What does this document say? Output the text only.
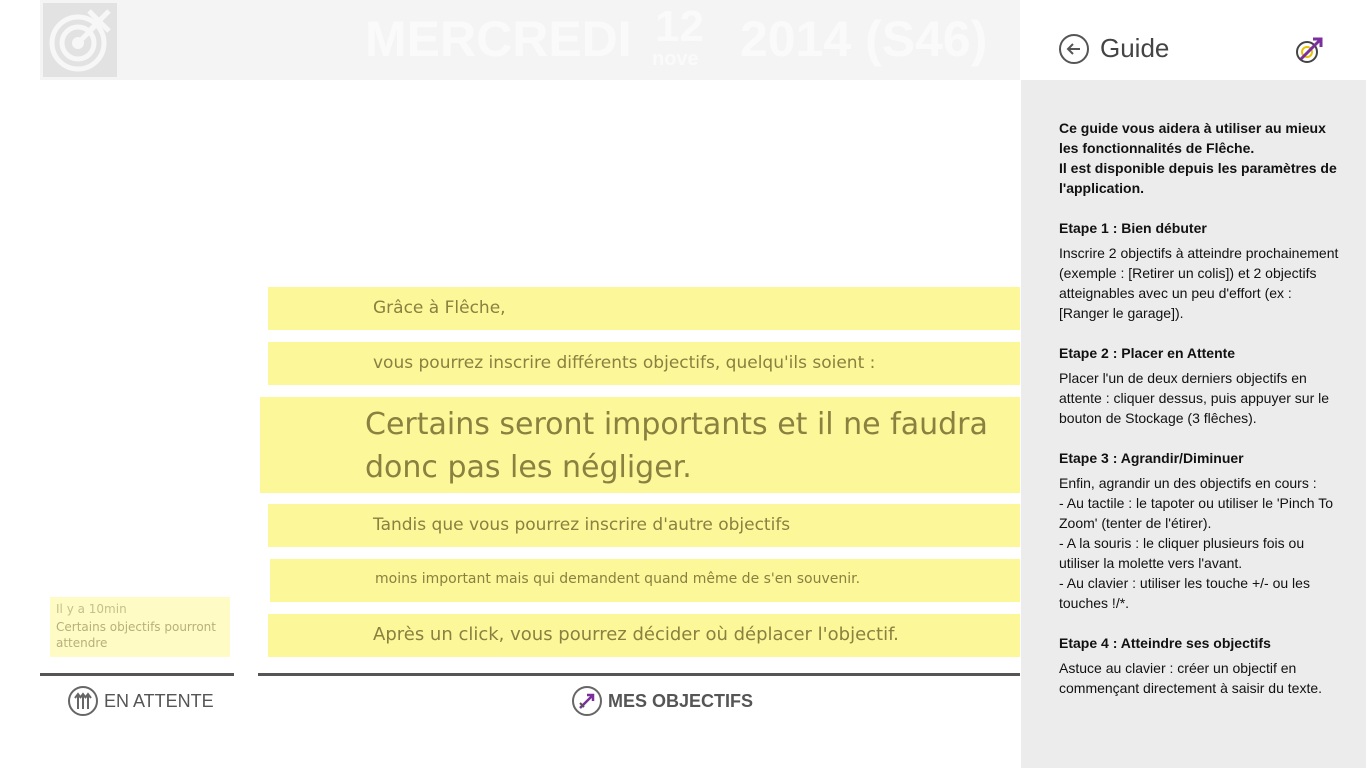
MERCREDI 12
nove 2014 (S46)
Grâce à Flêche,
vous pourrez inscrire différents objectifs, quelqu'ils soient :
Certains seront importants et il ne faudra donc pas les négliger.
Tandis que vous pourrez inscrire d'autre objectifs
moins important mais qui demandent quand même de s'en souvenir.
Après un click, vous pourrez décider où déplacer l'objectif.
Il y a 10min
Certains objectifs pourront attendre
EN ATTENTE	MES OBJECTIFS
Guide

Ce guide vous aidera à utiliser au mieux les fonctionnalités de Flêche.
Il est disponible depuis les paramètres de l'application.

Etape 1 : Bien débuter

Inscrire 2 objectifs à atteindre prochainement (exemple : [Retirer un colis]) et 2 objectifs atteignables avec un peu d'effort (ex : [Ranger le garage]).

Etape 2 : Placer en Attente

Placer l'un de deux derniers objectifs en attente : cliquer dessus, puis appuyer sur le bouton de Stockage (3 flêches).

Etape 3 : Agrandir/Diminuer

Enfin, agrandir un des objectifs en cours :
- Au tactile : le tapoter ou utiliser le 'Pinch To Zoom' (tenter de l'étirer).
- A la souris : le cliquer plusieurs fois ou utiliser la molette vers l'avant.
- Au clavier : utiliser les touche +/- ou les touches !/*.

Etape 4 : Atteindre ses objectifs

Astuce au clavier : créer un objectif en commençant directement à saisir du texte.
